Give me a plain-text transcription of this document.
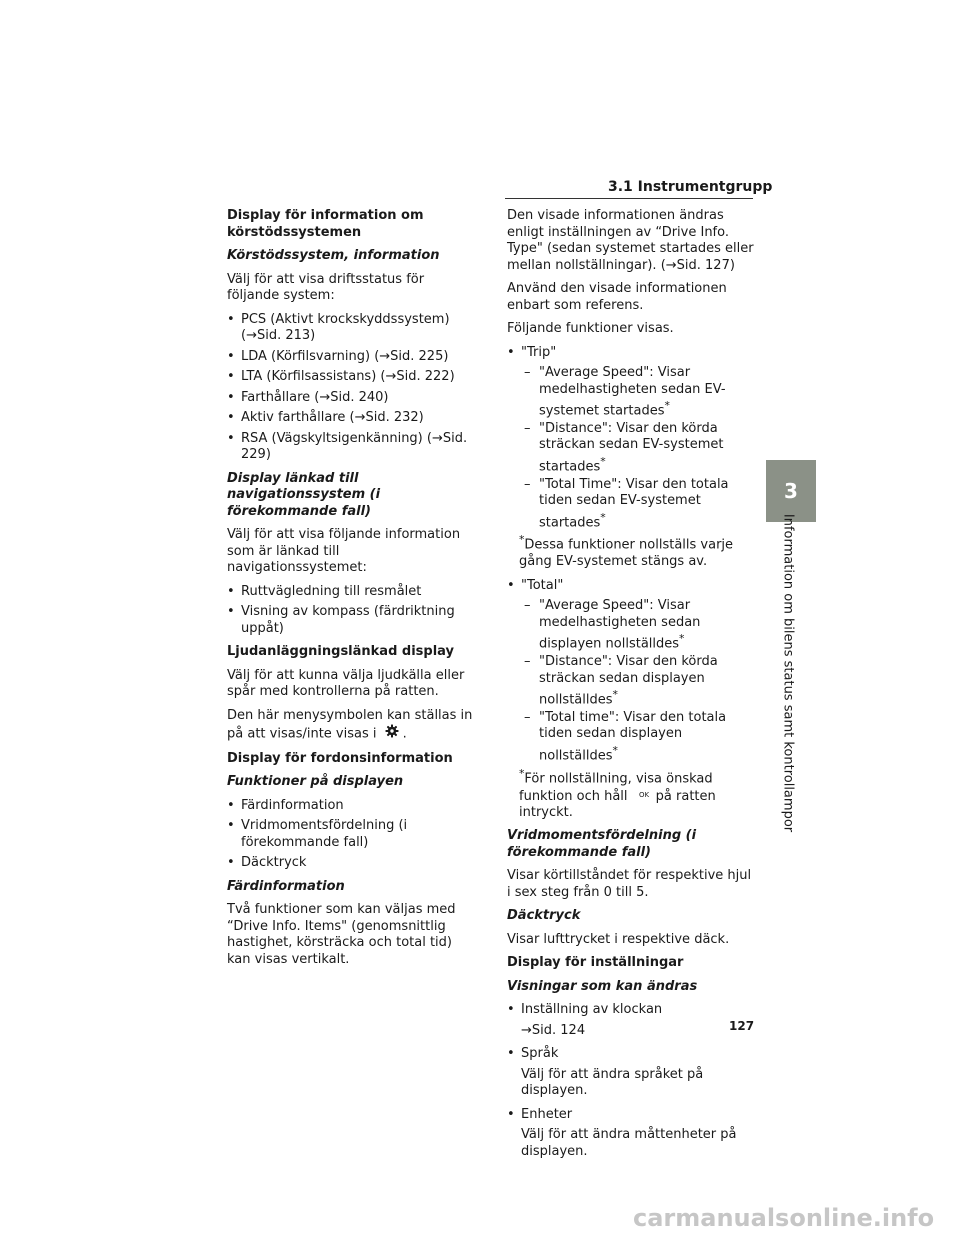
3.1 Instrumentgrupp

Display för information om körstödssystemen

Körstödssystem, information

Välj för att visa driftsstatus för följande system:

• PCS (Aktivt krockskyddssystem) (→Sid. 213)
• LDA (Körfilsvarning) (→Sid. 225)
• LTA (Körfilsassistans) (→Sid. 222)
• Farthållare (→Sid. 240)
• Aktiv farthållare (→Sid. 232)
• RSA (Vägskyltsigenkänning) (→Sid. 229)

Display länkad till navigationssystem (i förekommande fall)

Välj för att visa följande information som är länkad till navigationssystemet:

• Ruttvägledning till resmålet
• Visning av kompass (färdriktning uppåt)

Ljudanläggningslänkad display

Välj för att kunna välja ljudkälla eller spår med kontrollerna på ratten.

Den här menysymbolen kan ställas in på att visas/inte visas i .

Display för fordonsinformation

Funktioner på displayen

• Färdinformation
• Vridmomentsfördelning (i förekommande fall)
• Däcktryck

Färdinformation

Två funktioner som kan väljas med “Drive Info. Items" (genomsnittlig hastighet, körsträcka och total tid) kan visas vertikalt.

Den visade informationen ändras enligt inställningen av “Drive Info. Type" (sedan systemet startades eller mellan nollställningar). (→Sid. 127)

Använd den visade informationen enbart som referens.

Följande funktioner visas.

• "Trip"
– "Average Speed": Visar medelhastigheten sedan EV-systemet startades*
– "Distance": Visar den körda sträckan sedan EV-systemet startades*
– "Total Time": Visar den totala tiden sedan EV-systemet startades*

*Dessa funktioner nollställs varje gång EV-systemet stängs av.

• "Total"
– "Average Speed": Visar medelhastigheten sedan displayen nollställdes*
– "Distance": Visar den körda sträckan sedan displayen nollställdes*
– "Total time": Visar den totala tiden sedan displayen nollställdes*

*För nollställning, visa önskad funktion och håll OK på ratten intryckt.

Vridmomentsfördelning (i förekommande fall)

Visar körtillståndet för respektive hjul i sex steg från 0 till 5.

Däcktryck

Visar lufttrycket i respektive däck.

Display för inställningar

Visningar som kan ändras

• Inställning av klockan

→Sid. 124

• Språk

Välj för att ändra språket på displayen.

• Enheter

Välj för att ändra måttenheter på displayen.

3
Information om bilens status samt kontrollampor
127
carmanualsonline.info
